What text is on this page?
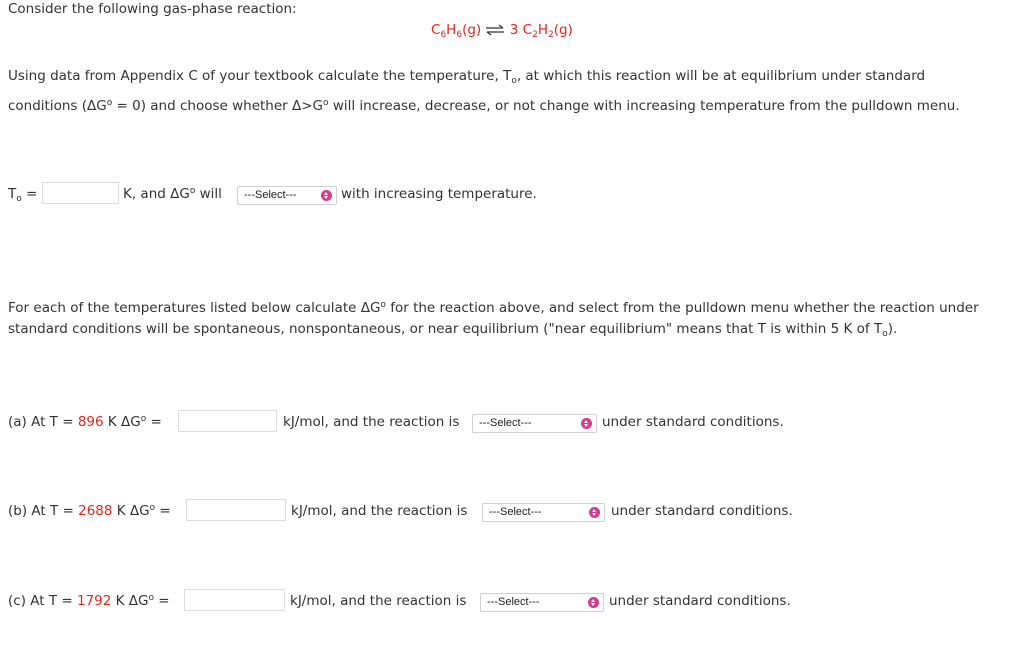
Consider the following gas-phase reaction:
$C_6H_6(g)$ ⇌ 3 $C_2H_2(g)$
Using data from Appendix C of your textbook calculate the temperature, $T_o$, at which this reaction will be at equilibrium under standard
conditions $(\Delta G^o = 0)$ and choose whether $\Delta>G^o$ will increase, decrease, or not change with increasing temperature from the pulldown menu.
$T_o$ =	K, and $\Delta G^o$ will	---Select---	with increasing temperature.
For each of the temperatures listed below calculate $\Delta G^o$ for the reaction above, and select from the pulldown menu whether the reaction under
standard conditions will be spontaneous, nonspontaneous, or near equilibrium ("near equilibrium" means that T is within 5 K of $T_o$).
(a) At T = 896 K $\Delta G^o$ =	kJ/mol, and the reaction is	---Select---	under standard conditions.
(b) At T = 2688 K $\Delta G^o$ =	kJ/mol, and the reaction is	---Select---	under standard conditions.
(c) At T = 1792 K $\Delta G^o$ =	kJ/mol, and the reaction is	---Select---	under standard conditions.
